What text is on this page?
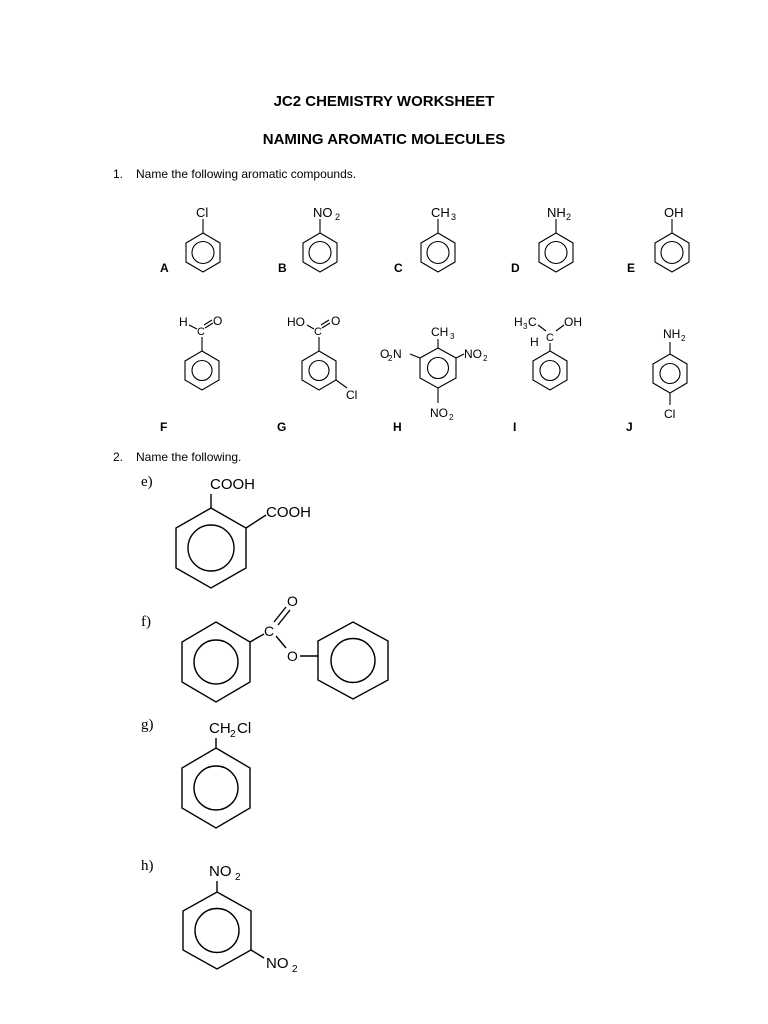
JC2 CHEMISTRY WORKSHEET
NAMING AROMATIC MOLECULES
1. Name the following aromatic compounds.
2. Name the following.
Cl	NO 2	CH 3	NH 2	OH
A	B	C	D	E
H
C
O	HO
C
O
Cl
CH 3
O
2 N	NO 2
NO 2
H 3 C OH
H C	NH 2
Cl
F	G	H	I	J
e)	COOH
COOH
f)
C
O
O
g)	CH 2 Cl
h)	NO 2
NO 2
